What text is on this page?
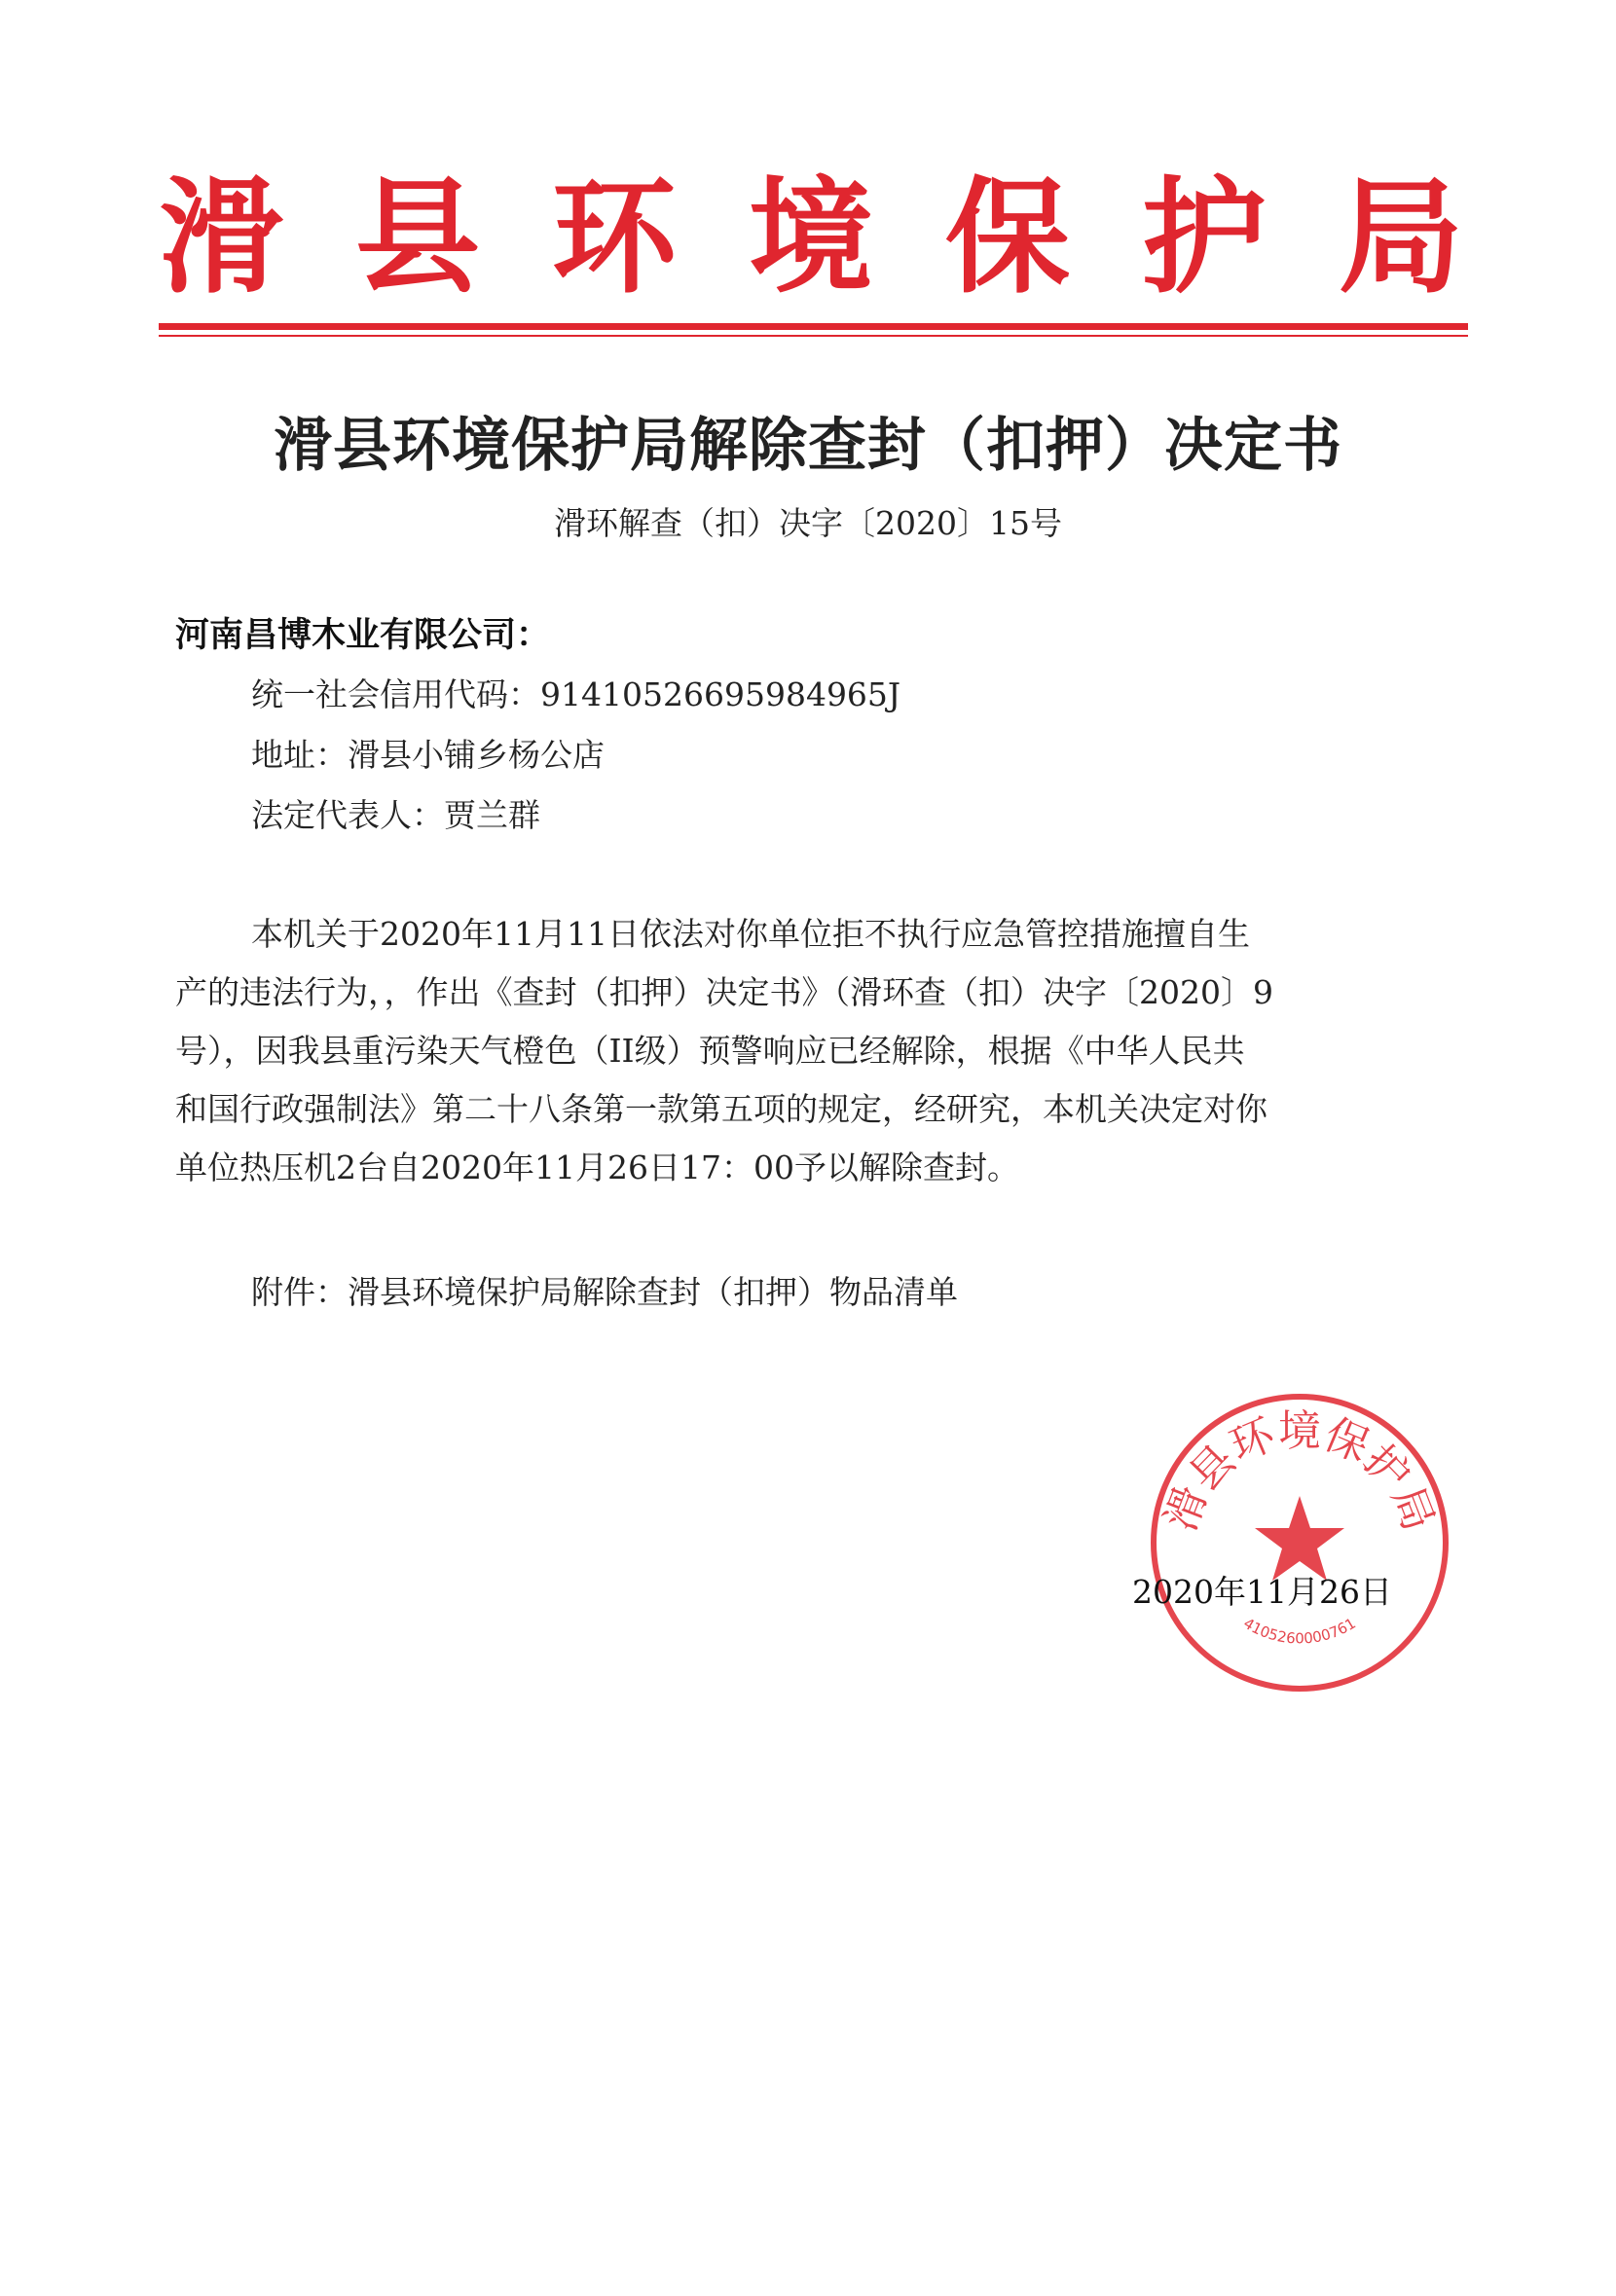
滑 县 环 境 保 护 局
滑县环境保护局解除查封（扣押）决定书
滑环解查（扣）决字〔2020〕15号
河南昌博木业有限公司：
统一社会信用代码：91410526695984965J
地址：滑县小铺乡杨公店
法定代表人：贾兰群
本机关于2020年11月11日依法对你单位拒不执行应急管控措施擅自生
产的违法行为，，作出《查封（扣押）决定书》（滑环查（扣）决字〔2020〕9
号），因我县重污染天气橙色（II级）预警响应已经解除，根据《中华人民共
和国行政强制法》第二十八条第一款第五项的规定，经研究，本机关决定对你
单位热压机2台自2020年11月26日17：00予以解除查封。
附件：滑县环境保护局解除查封（扣押）物品清单
滑县环境保护局
4105260000761
2020年11月26日
